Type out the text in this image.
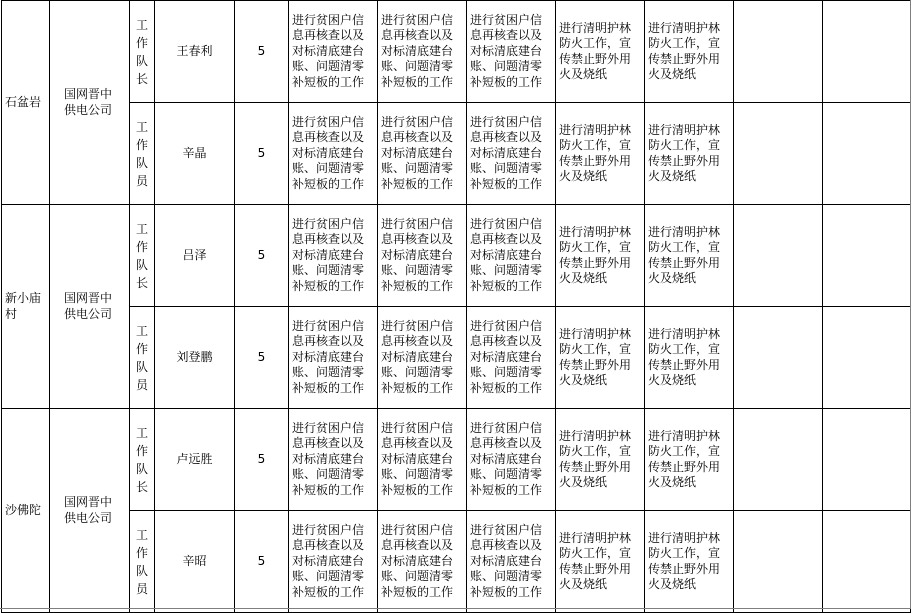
石盆岩	国网晋中供电公司	工作队长	王春利	5	进行贫困户信息再核查以及对标清底建台账、问题清零补短板的工作	进行贫困户信息再核查以及对标清底建台账、问题清零补短板的工作	进行贫困户信息再核查以及对标清底建台账、问题清零补短板的工作	进行清明护林防火工作，宣传禁止野外用火及烧纸	进行清明护林防火工作，宣传禁止野外用火及烧纸		
		工作队员	辛晶	5	进行贫困户信息再核查以及对标清底建台账、问题清零补短板的工作	进行贫困户信息再核查以及对标清底建台账、问题清零补短板的工作	进行贫困户信息再核查以及对标清底建台账、问题清零补短板的工作	进行清明护林防火工作，宣传禁止野外用火及烧纸	进行清明护林防火工作，宣传禁止野外用火及烧纸		
新小庙村	国网晋中供电公司	工作队长	吕泽	5	进行贫困户信息再核查以及对标清底建台账、问题清零补短板的工作	进行贫困户信息再核查以及对标清底建台账、问题清零补短板的工作	进行贫困户信息再核查以及对标清底建台账、问题清零补短板的工作	进行清明护林防火工作，宣传禁止野外用火及烧纸	进行清明护林防火工作，宣传禁止野外用火及烧纸		
		工作队员	刘登鹏	5	进行贫困户信息再核查以及对标清底建台账、问题清零补短板的工作	进行贫困户信息再核查以及对标清底建台账、问题清零补短板的工作	进行贫困户信息再核查以及对标清底建台账、问题清零补短板的工作	进行清明护林防火工作，宣传禁止野外用火及烧纸	进行清明护林防火工作，宣传禁止野外用火及烧纸		
沙佛陀	国网晋中供电公司	工作队长	卢远胜	5	进行贫困户信息再核查以及对标清底建台账、问题清零补短板的工作	进行贫困户信息再核查以及对标清底建台账、问题清零补短板的工作	进行贫困户信息再核查以及对标清底建台账、问题清零补短板的工作	进行清明护林防火工作，宣传禁止野外用火及烧纸	进行清明护林防火工作，宣传禁止野外用火及烧纸		
		工作队员	辛昭	5	进行贫困户信息再核查以及对标清底建台账、问题清零补短板的工作	进行贫困户信息再核查以及对标清底建台账、问题清零补短板的工作	进行贫困户信息再核查以及对标清底建台账、问题清零补短板的工作	进行清明护林防火工作，宣传禁止野外用火及烧纸	进行清明护林防火工作，宣传禁止野外用火及烧纸		
